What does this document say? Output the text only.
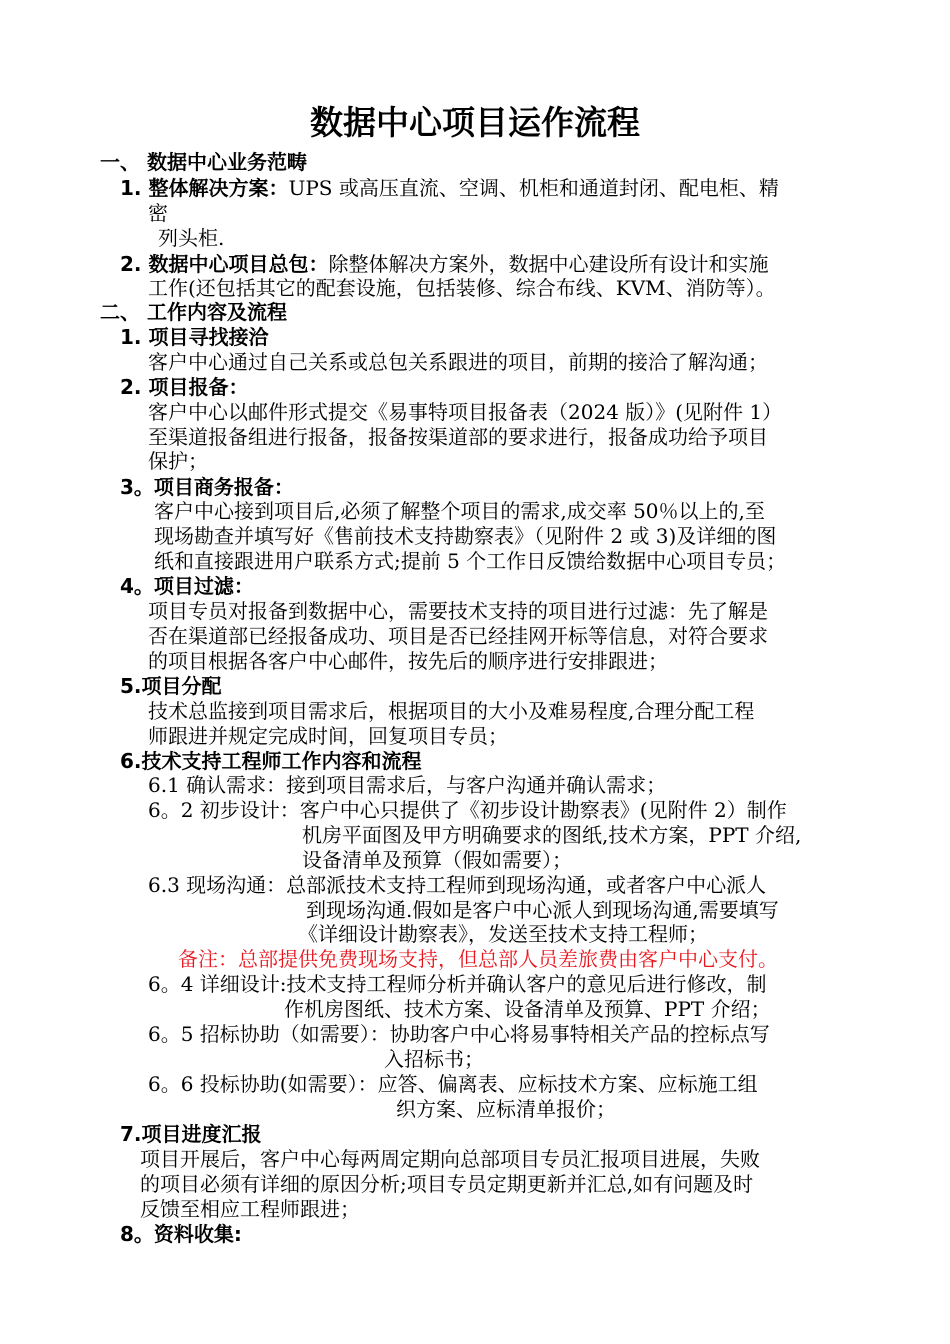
数据中心项目运作流程
一、 数据中心业务范畴
1. 整体解决方案：UPS 或高压直流、空调、机柜和通道封闭、配电柜、精
密
列头柜.
2. 数据中心项目总包：除整体解决方案外，数据中心建设所有设计和实施
工作(还包括其它的配套设施，包括装修、综合布线、KVM、消防等）。
二、 工作内容及流程
1. 项目寻找接洽
客户中心通过自己关系或总包关系跟进的项目，前期的接洽了解沟通；
2. 项目报备：
客户中心以邮件形式提交《易事特项目报备表（2024 版）》(见附件 1）
至渠道报备组进行报备，报备按渠道部的要求进行，报备成功给予项目
保护；
3。项目商务报备：
客户中心接到项目后,必须了解整个项目的需求,成交率 50％以上的,至
现场勘查并填写好《售前技术支持勘察表》（见附件 2 或 3)及详细的图
纸和直接跟进用户联系方式;提前 5 个工作日反馈给数据中心项目专员；
4。项目过滤：
项目专员对报备到数据中心，需要技术支持的项目进行过滤：先了解是
否在渠道部已经报备成功、项目是否已经挂网开标等信息，对符合要求
的项目根据各客户中心邮件，按先后的顺序进行安排跟进；
5.项目分配
技术总监接到项目需求后，根据项目的大小及难易程度,合理分配工程
师跟进并规定完成时间，回复项目专员；
6.技术支持工程师工作内容和流程
6.1 确认需求：接到项目需求后，与客户沟通并确认需求；
6。2 初步设计：客户中心只提供了《初步设计勘察表》(见附件 2）制作
机房平面图及甲方明确要求的图纸,技术方案，PPT 介绍,
设备清单及预算（假如需要）；
6.3 现场沟通：总部派技术支持工程师到现场沟通，或者客户中心派人
到现场沟通.假如是客户中心派人到现场沟通,需要填写
《详细设计勘察表》，发送至技术支持工程师；
备注：总部提供免费现场支持，但总部人员差旅费由客户中心支付。
6。4 详细设计:技术支持工程师分析并确认客户的意见后进行修改，制
作机房图纸、技术方案、设备清单及预算、PPT 介绍；
6。5 招标协助（如需要）：协助客户中心将易事特相关产品的控标点写
入招标书；
6。6 投标协助(如需要）：应答、偏离表、应标技术方案、应标施工组
织方案、应标清单报价；
7.项目进度汇报
项目开展后，客户中心每两周定期向总部项目专员汇报项目进展，失败
的项目必须有详细的原因分析;项目专员定期更新并汇总,如有问题及时
反馈至相应工程师跟进；
8。资料收集:
